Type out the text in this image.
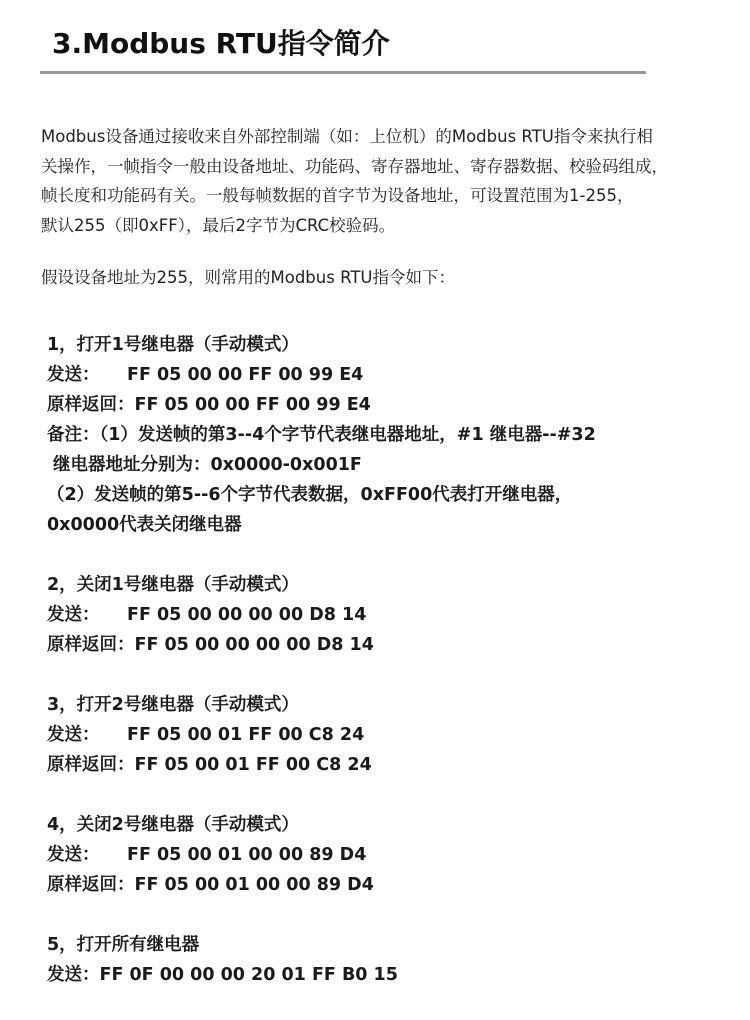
3.Modbus RTU指令简介

Modbus设备通过接收来自外部控制端（如：上位机）的Modbus RTU指令来执行相

关操作，一帧指令一般由设备地址、功能码、寄存器地址、寄存器数据、校验码组成，

帧长度和功能码有关。一般每帧数据的首字节为设备地址，可设置范围为1-255，

默认255（即0xFF），最后2字节为CRC校验码。

假设设备地址为255，则常用的Modbus RTU指令如下：
1，打开1号继电器（手动模式）
发送： FF 05 00 00 FF 00 99 E4
原样返回：FF 05 00 00 FF 00 99 E4
备注：（1）发送帧的第3--4个字节代表继电器地址，#1 继电器--#32
继电器地址分别为：0x0000-0x001F
（2）发送帧的第5--6个字节代表数据，0xFF00代表打开继电器，
0x0000代表关闭继电器
2，关闭1号继电器（手动模式）
发送： FF 05 00 00 00 00 D8 14
原样返回：FF 05 00 00 00 00 D8 14
3，打开2号继电器（手动模式）
发送： FF 05 00 01 FF 00 C8 24
原样返回：FF 05 00 01 FF 00 C8 24
4，关闭2号继电器（手动模式）
发送： FF 05 00 01 00 00 89 D4
原样返回：FF 05 00 01 00 00 89 D4
5，打开所有继电器
发送：FF 0F 00 00 00 20 01 FF B0 15
